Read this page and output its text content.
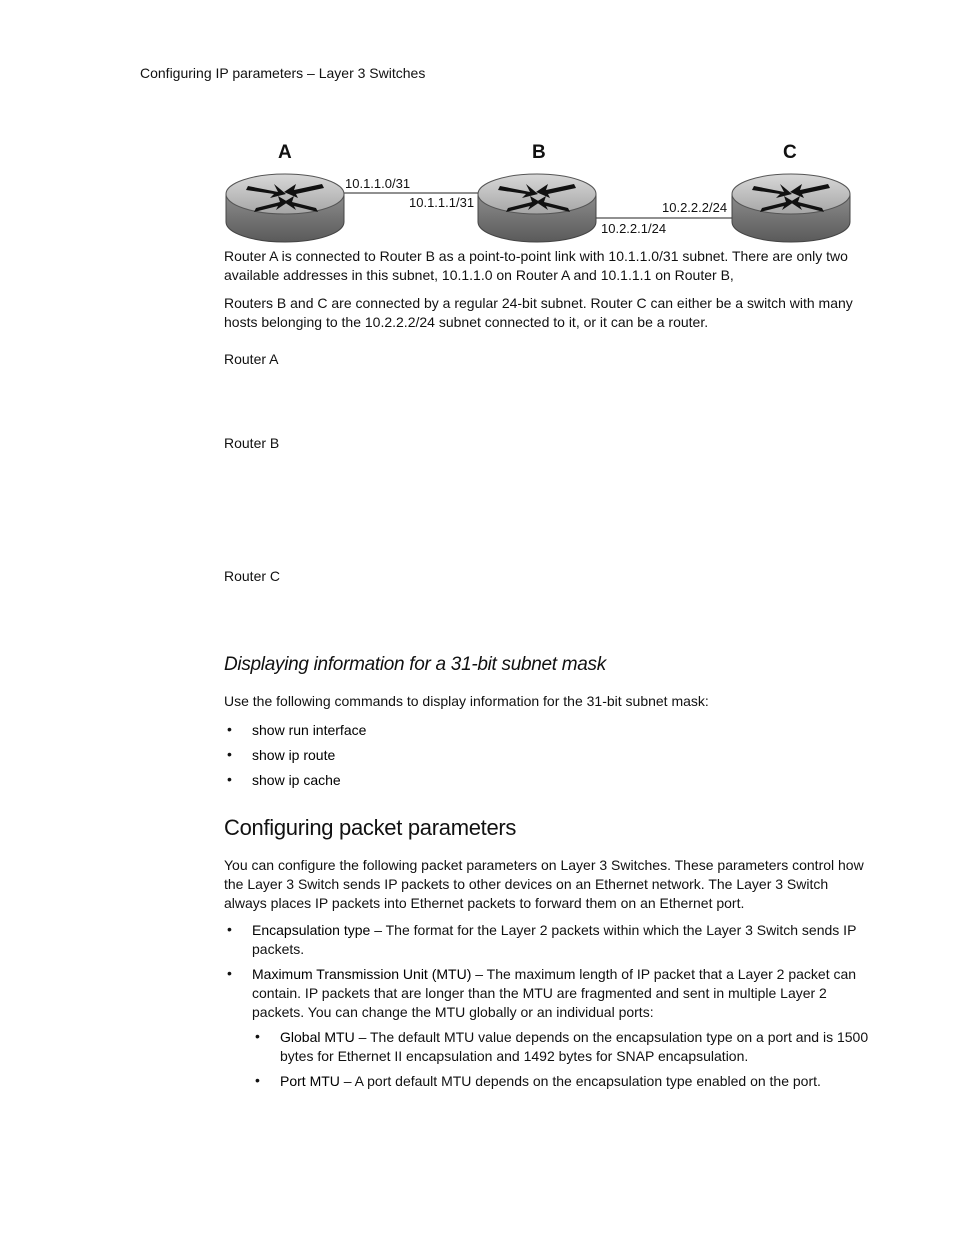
Configuring IP parameters – Layer 3 Switches
A	B	C
10.1.1.0/31
10.1.1.1/31
10.2.2.1/24
10.2.2.2/24
Router A is connected to Router B as a point-to-point link with 10.1.1.0/31 subnet. There are only two available addresses in this subnet, 10.1.1.0 on Router A and 10.1.1.1 on Router B,
Routers B and C are connected by a regular 24-bit subnet. Router C can either be a switch with many hosts belonging to the 10.2.2.2/24 subnet connected to it, or it can be a router.
Router A
Router B
Router C
Displaying information for a 31-bit subnet mask
Use the following commands to display information for the 31-bit subnet mask:
• show run interface
• show ip route
• show ip cache
Configuring packet parameters
You can configure the following packet parameters on Layer 3 Switches. These parameters control how the Layer 3 Switch sends IP packets to other devices on an Ethernet network. The Layer 3 Switch always places IP packets into Ethernet packets to forward them on an Ethernet port.
• Encapsulation type – The format for the Layer 2 packets within which the Layer 3 Switch sends IP packets.
• Maximum Transmission Unit (MTU) – The maximum length of IP packet that a Layer 2 packet can contain. IP packets that are longer than the MTU are fragmented and sent in multiple Layer 2 packets. You can change the MTU globally or an individual ports:
• Global MTU – The default MTU value depends on the encapsulation type on a port and is 1500 bytes for Ethernet II encapsulation and 1492 bytes for SNAP encapsulation.
• Port MTU – A port default MTU depends on the encapsulation type enabled on the port.
